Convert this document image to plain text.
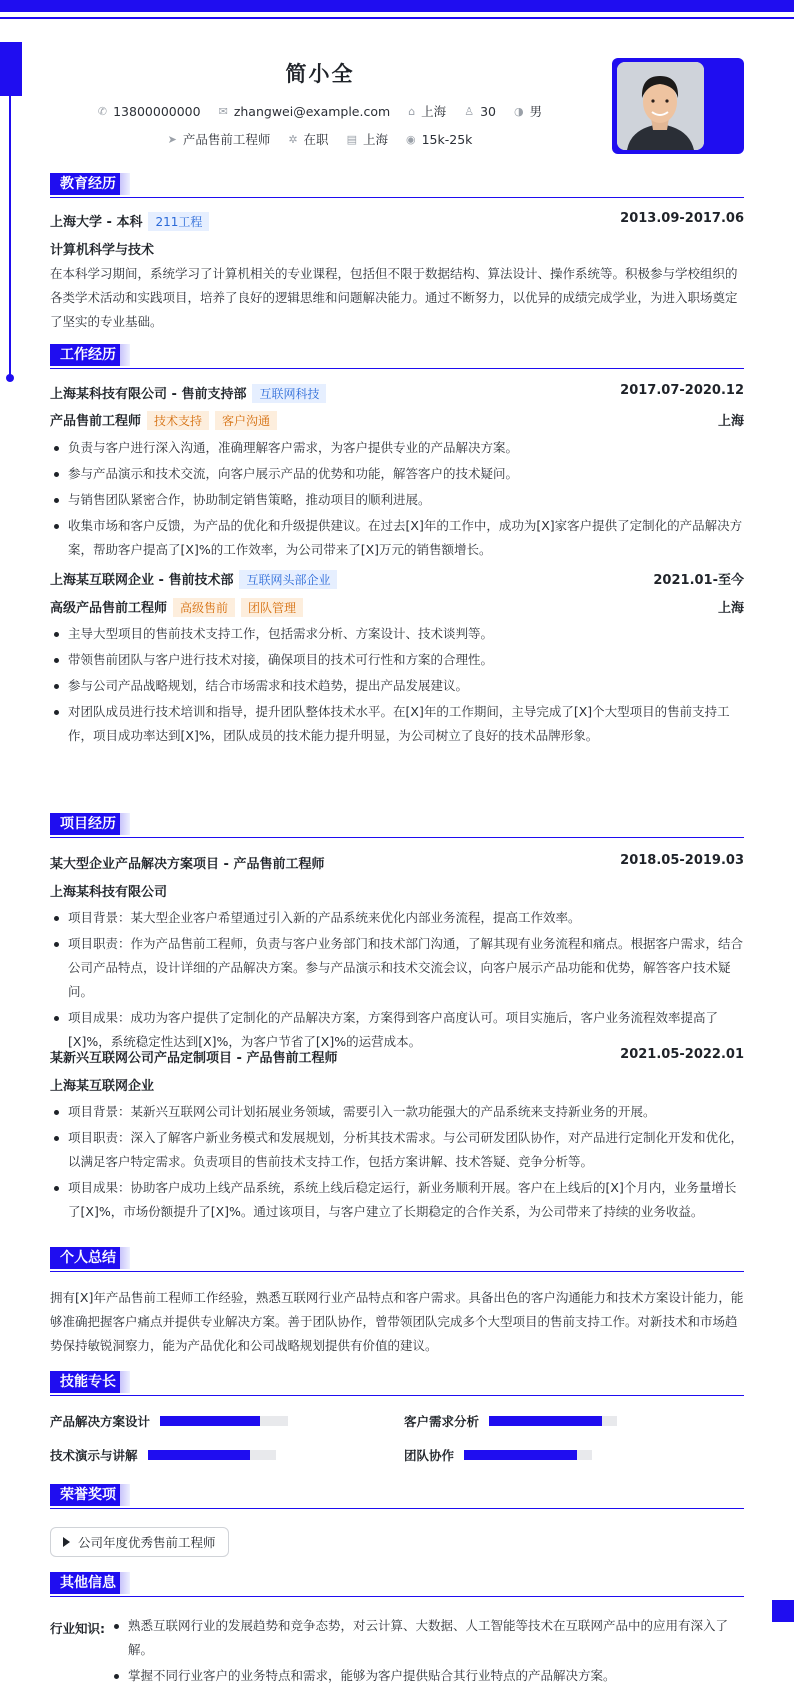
简小全
✆ 13800000000 ✉ zhangwei@example.com ⌂ 上海 ♙ 30 ◑ 男
➤ 产品售前工程师 ✲ 在职 ▤ 上海 ◉ 15k-25k
教育经历
上海大学 - 本科 211工程	2013.09-2017.06
计算机科学与技术
在本科学习期间，系统学习了计算机相关的专业课程，包括但不限于数据结构、算法设计、操作系统等。积极参与学校组织的各类学术活动和实践项目，培养了良好的逻辑思维和问题解决能力。通过不断努力，以优异的成绩完成学业，为进入职场奠定了坚实的专业基础。
工作经历
上海某科技有限公司 - 售前支持部 互联网科技	2017.07-2020.12
产品售前工程师 技术支持 客户沟通	上海
负责与客户进行深入沟通，准确理解客户需求，为客户提供专业的产品解决方案。
参与产品演示和技术交流，向客户展示产品的优势和功能，解答客户的技术疑问。
与销售团队紧密合作，协助制定销售策略，推动项目的顺利进展。
收集市场和客户反馈，为产品的优化和升级提供建议。在过去[X]年的工作中，成功为[X]家客户提供了定制化的产品解决方案，帮助客户提高了[X]%的工作效率，为公司带来了[X]万元的销售额增长。
上海某互联网企业 - 售前技术部 互联网头部企业	2021.01-至今
高级产品售前工程师 高级售前 团队管理	上海
主导大型项目的售前技术支持工作，包括需求分析、方案设计、技术谈判等。
带领售前团队与客户进行技术对接，确保项目的技术可行性和方案的合理性。
参与公司产品战略规划，结合市场需求和技术趋势，提出产品发展建议。
对团队成员进行技术培训和指导，提升团队整体技术水平。在[X]年的工作期间，主导完成了[X]个大型项目的售前支持工作，项目成功率达到[X]%，团队成员的技术能力提升明显，为公司树立了良好的技术品牌形象。
项目经历
某大型企业产品解决方案项目 - 产品售前工程师	2018.05-2019.03
上海某科技有限公司
项目背景：某大型企业客户希望通过引入新的产品系统来优化内部业务流程，提高工作效率。
项目职责：作为产品售前工程师，负责与客户业务部门和技术部门沟通，了解其现有业务流程和痛点。根据客户需求，结合公司产品特点，设计详细的产品解决方案。参与产品演示和技术交流会议，向客户展示产品功能和优势，解答客户技术疑问。
项目成果：成功为客户提供了定制化的产品解决方案，方案得到客户高度认可。项目实施后，客户业务流程效率提高了[X]%，系统稳定性达到[X]%，为客户节省了[X]%的运营成本。
某新兴互联网公司产品定制项目 - 产品售前工程师	2021.05-2022.01
上海某互联网企业
项目背景：某新兴互联网公司计划拓展业务领域，需要引入一款功能强大的产品系统来支持新业务的开展。
项目职责：深入了解客户新业务模式和发展规划，分析其技术需求。与公司研发团队协作，对产品进行定制化开发和优化，以满足客户特定需求。负责项目的售前技术支持工作，包括方案讲解、技术答疑、竞争分析等。
项目成果：协助客户成功上线产品系统，系统上线后稳定运行，新业务顺利开展。客户在上线后的[X]个月内，业务量增长了[X]%，市场份额提升了[X]%。通过该项目，与客户建立了长期稳定的合作关系，为公司带来了持续的业务收益。
个人总结
拥有[X]年产品售前工程师工作经验，熟悉互联网行业产品特点和客户需求。具备出色的客户沟通能力和技术方案设计能力，能够准确把握客户痛点并提供专业解决方案。善于团队协作，曾带领团队完成多个大型项目的售前支持工作。对新技术和市场趋势保持敏锐洞察力，能为产品优化和公司战略规划提供有价值的建议。
技能专长
产品解决方案设计	客户需求分析
技术演示与讲解	团队协作
荣誉奖项
公司年度优秀售前工程师
其他信息
行业知识:	熟悉互联网行业的发展趋势和竞争态势，对云计算、大数据、人工智能等技术在互联网产品中的应用有深入了解。
掌握不同行业客户的业务特点和需求，能够为客户提供贴合其行业特点的产品解决方案。
